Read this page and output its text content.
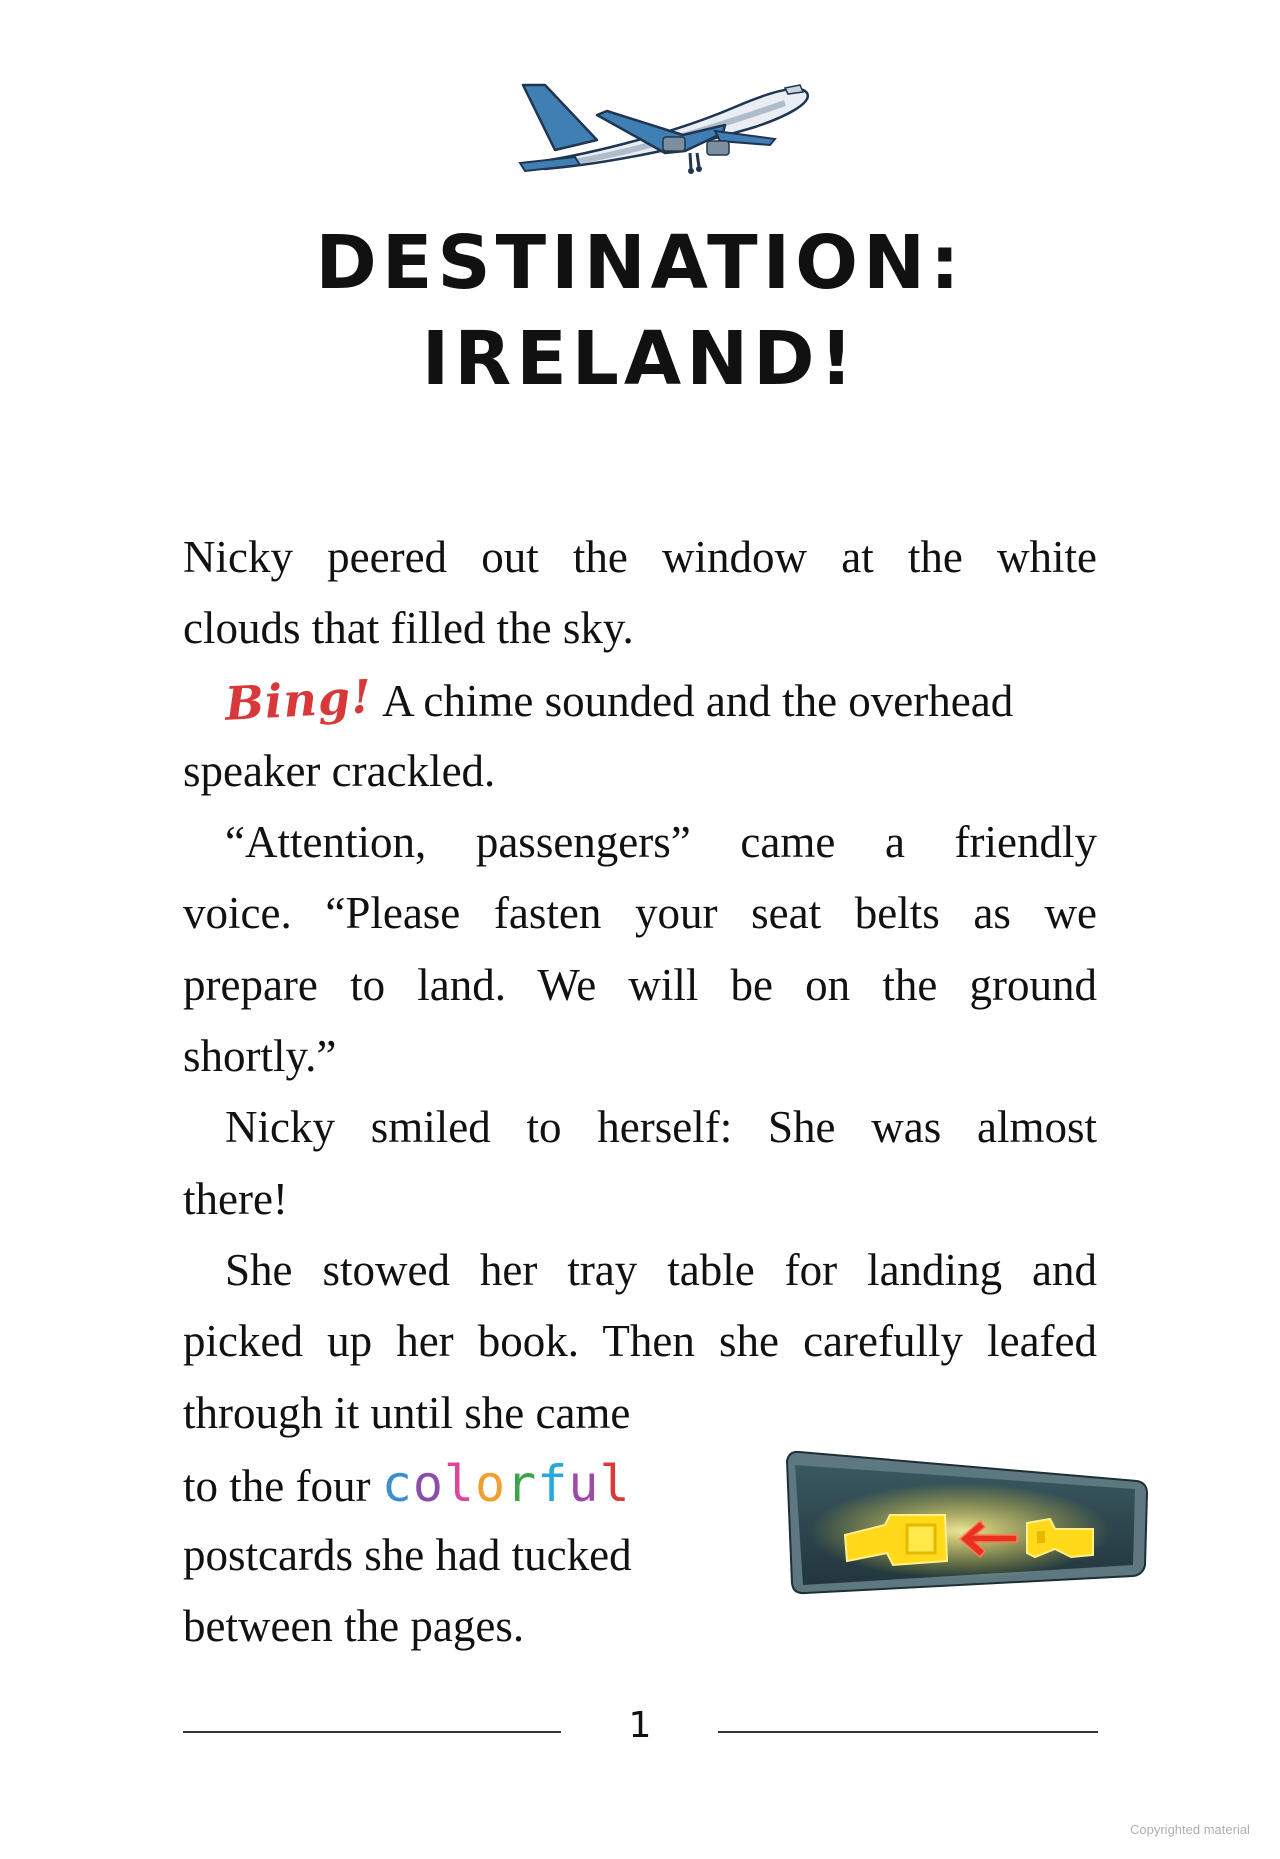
DESTINATION:
IRELAND!
Nicky peered out the window at the white
clouds that filled the sky.
Bing! A chime sounded and the overhead
speaker crackled.
“Attention, passengers” came a friendly
voice. “Please fasten your seat belts as we
prepare to land. We will be on the ground
shortly.”
Nicky smiled to herself: She was almost
there!
She stowed her tray table for landing and
picked up her book. Then she carefully leafed
through it until she came
to the four colorful
postcards she had tucked
between the pages.
1
Copyrighted material
